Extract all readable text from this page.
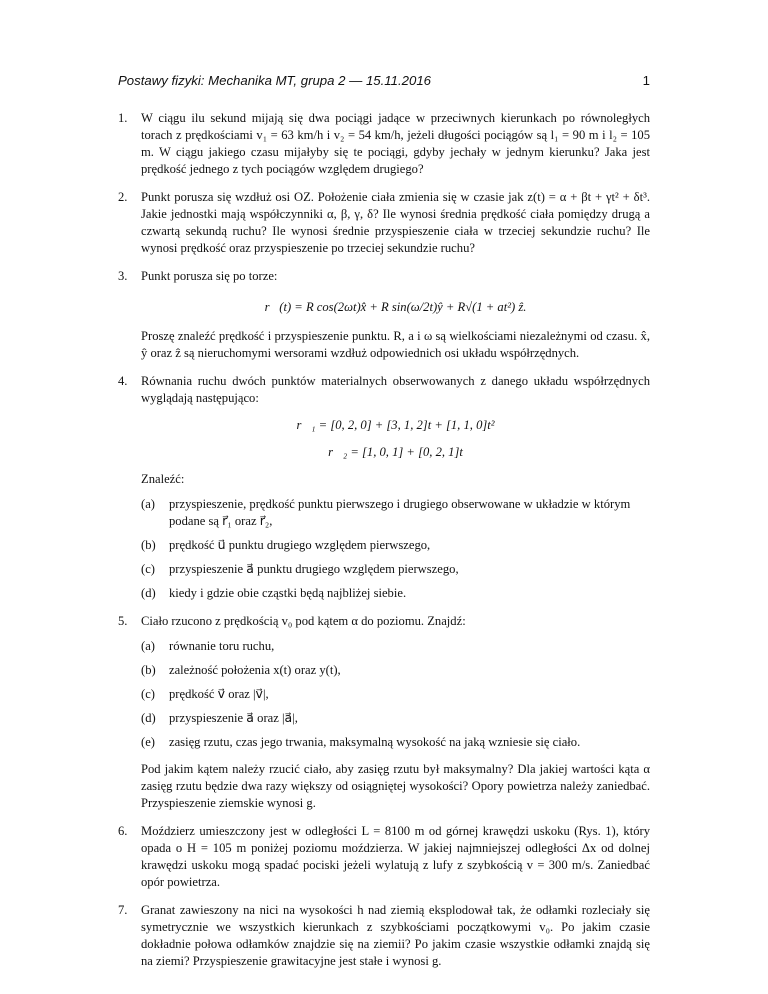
Postawy fizyki: Mechanika MT, grupa 2 — 15.11.2016	1
1. W ciągu ilu sekund mijają się dwa pociągi jadące w przeciwnych kierunkach po równoległych torach z prędkościami v₁ = 63 km/h i v₂ = 54 km/h, jeżeli długości pociągów są l₁ = 90 m i l₂ = 105 m. W ciągu jakiego czasu mijałyby się te pociągi, gdyby jechały w jednym kierunku? Jaka jest prędkość jednego z tych pociągów względem drugiego?
2. Punkt porusza się wzdłuż osi OZ. Położenie ciała zmienia się w czasie jak z(t) = α + βt + γt² + δt³. Jakie jednostki mają współczynniki α, β, γ, δ? Ile wynosi średnia prędkość ciała pomiędzy drugą a czwartą sekundą ruchu? Ile wynosi średnie przyspieszenie ciała w trzeciej sekundzie ruchu? Ile wynosi prędkość oraz przyspieszenie po trzeciej sekundzie ruchu?
3. Punkt porusza się po torze:
r⃗(t) = R cos(2ωt)x̂ + R sin(ω/2t)ŷ + R√(1 + at²) ẑ.
Proszę znaleźć prędkość i przyspieszenie punktu. R, a i ω są wielkościami niezależnymi od czasu. x̂, ŷ oraz ẑ są nieruchomymi wersorami wzdłuż odpowiednich osi układu współrzędnych.
4. Równania ruchu dwóch punktów materialnych obserwowanych z danego układu współrzędnych wyglądają następująco:
r⃗₁ = [0, 2, 0] + [3, 1, 2]t + [1, 1, 0]t²
r⃗₂ = [1, 0, 1] + [0, 2, 1]t
Znaleźć:
(a) przyspieszenie, prędkość punktu pierwszego i drugiego obserwowane w układzie w którym podane są r⃗₁ oraz r⃗₂,
(b) prędkość u⃗ punktu drugiego względem pierwszego,
(c) przyspieszenie a⃗ punktu drugiego względem pierwszego,
(d) kiedy i gdzie obie cząstki będą najbliżej siebie.
5. Ciało rzucono z prędkością v₀ pod kątem α do poziomu. Znajdź:
(a) równanie toru ruchu,
(b) zależność położenia x(t) oraz y(t),
(c) prędkość v⃗ oraz |v⃗|,
(d) przyspieszenie a⃗ oraz |a⃗|,
(e) zasięg rzutu, czas jego trwania, maksymalną wysokość na jaką wzniesie się ciało.
Pod jakim kątem należy rzucić ciało, aby zasięg rzutu był maksymalny? Dla jakiej wartości kąta α zasięg rzutu będzie dwa razy większy od osiągniętej wysokości? Opory powietrza należy zaniedbać. Przyspieszenie ziemskie wynosi g.
6. Moździerz umieszczony jest w odległości L = 8100 m od górnej krawędzi uskoku (Rys. 1), który opada o H = 105 m poniżej poziomu moździerza. W jakiej najmniejszej odległości Δx od dolnej krawędzi uskoku mogą spadać pociski jeżeli wylatują z lufy z szybkością v = 300 m/s. Zaniedbać opór powietrza.
7. Granat zawieszony na nici na wysokości h nad ziemią eksplodował tak, że odłamki rozleciały się symetrycznie we wszystkich kierunkach z szybkościami początkowymi v₀. Po jakim czasie dokładnie połowa odłamków znajdzie się na ziemii? Po jakim czasie wszystkie odłamki znajdą się na ziemi? Przyspieszenie grawitacyjne jest stałe i wynosi g.
